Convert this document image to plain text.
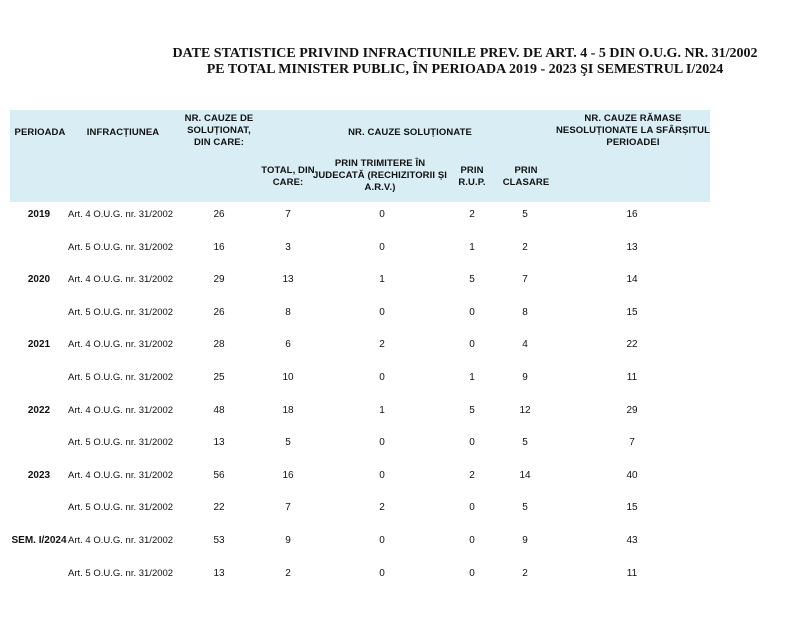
DATE STATISTICE PRIVIND INFRACTIUNILE PREV. DE ART. 4 - 5 DIN O.U.G. NR. 31/2002
PE TOTAL MINISTER PUBLIC, ÎN PERIOADA 2019 - 2023 ŞI SEMESTRUL I/2024
PERIOADA	INFRACȚIUNEA
NR. CAUZE DE SOLUȚIONAT, DIN CARE:
NR. CAUZE SOLUȚIONATE
TOTAL, DIN CARE:
PRIN TRIMITERE ÎN JUDECATĂ (RECHIZITORII ȘI A.R.V.)
PRIN R.U.P.
PRIN CLASARE
NR. CAUZE RĂMASE NESOLUȚIONATE LA SFÂRȘITUL PERIOADEI
2019	Art. 4 O.U.G. nr. 31/2002	26	7	0	2	5	16
Art. 5 O.U.G. nr. 31/2002	16	3	0	1	2	13
2020	Art. 4 O.U.G. nr. 31/2002	29	13	1	5	7	14
Art. 5 O.U.G. nr. 31/2002	26	8	0	0	8	15
2021	Art. 4 O.U.G. nr. 31/2002	28	6	2	0	4	22
Art. 5 O.U.G. nr. 31/2002	25	10	0	1	9	11
2022	Art. 4 O.U.G. nr. 31/2002	48	18	1	5	12	29
Art. 5 O.U.G. nr. 31/2002	13	5	0	0	5	7
2023	Art. 4 O.U.G. nr. 31/2002	56	16	0	2	14	40
Art. 5 O.U.G. nr. 31/2002	22	7	2	0	5	15
SEM. I/2024 Art. 4 O.U.G. nr. 31/2002	53	9	0	0	9	43
Art. 5 O.U.G. nr. 31/2002	13	2	0	0	2	11
